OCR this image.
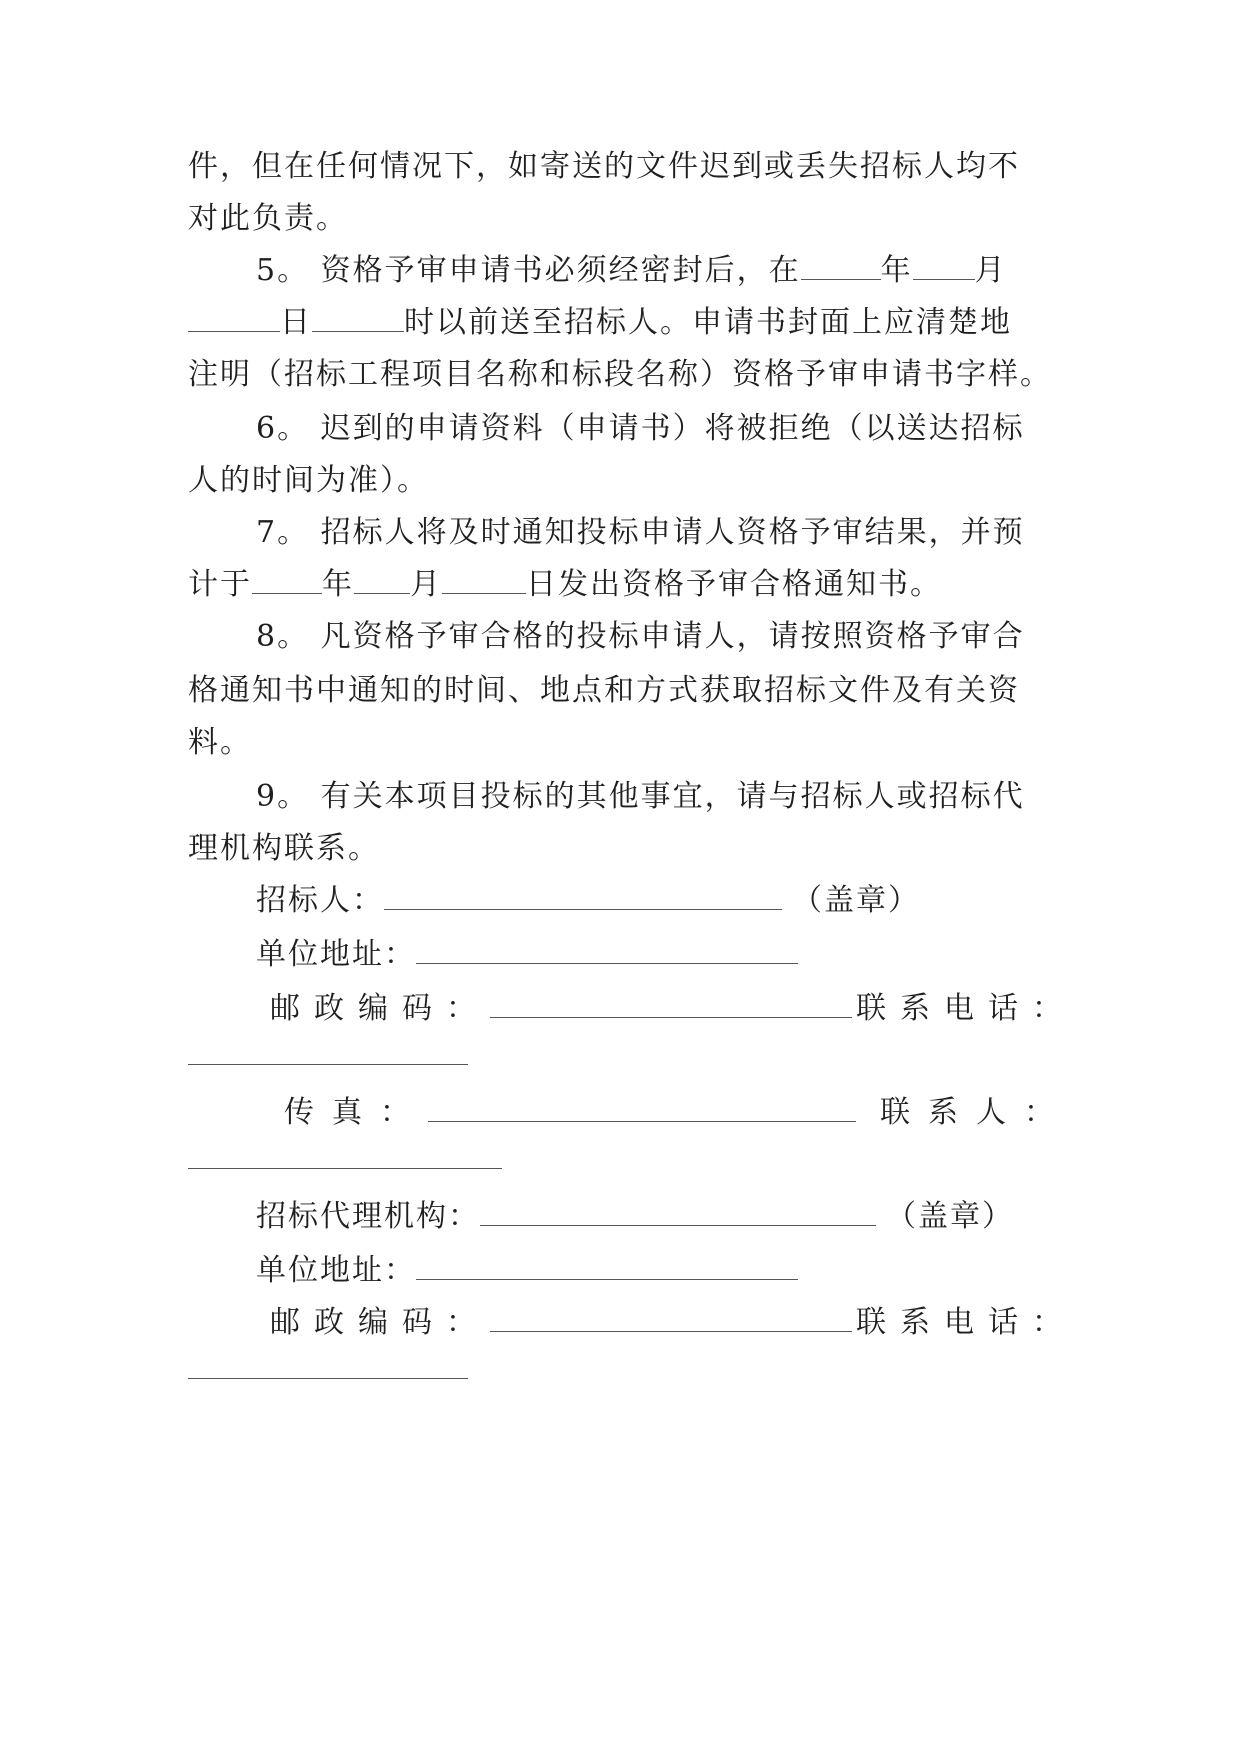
件，但在任何情况下，如寄送的文件迟到或丢失招标人均不
对此负责。
5。 资格予审申请书必须经密封后，在	年 月
日	时以前送至招标人。申请书封面上应清楚地
注明（招标工程项目名称和标段名称）资格予审申请书字样。
6。 迟到的申请资料（申请书）将被拒绝（以送达招标
人的时间为准）。
7。 招标人将及时通知投标申请人资格予审结果，并预
计于 年 月	日发出资格予审合格通知书。
8。 凡资格予审合格的投标申请人，请按照资格予审合
格通知书中通知的时间、地点和方式获取招标文件及有关资
料。
9。 有关本项目投标的其他事宜，请与招标人或招标代
理机构联系。
招标人：	（盖章）
单位地址：
邮政编码：	联系电话：
传真：	联系人：
招标代理机构：	（盖章）
单位地址：
邮政编码：	联系电话：
